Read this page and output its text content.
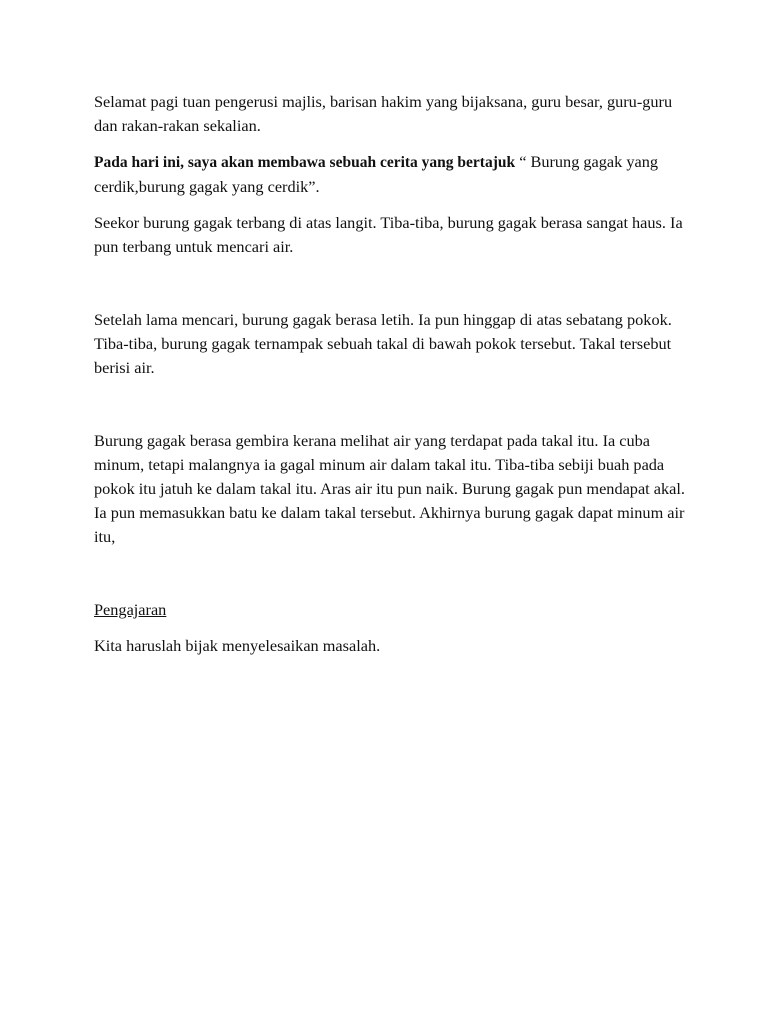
Selamat pagi tuan pengerusi majlis, barisan hakim yang bijaksana, guru besar, guru-guru dan rakan-rakan sekalian.

Pada hari ini, saya akan membawa sebuah cerita yang bertajuk “ Burung gagak yang cerdik,burung gagak yang cerdik”.

Seekor burung gagak terbang di atas langit. Tiba-tiba, burung gagak berasa sangat haus. Ia pun terbang untuk mencari air.

Setelah lama mencari, burung gagak berasa letih. Ia pun hinggap di atas sebatang pokok. Tiba-tiba, burung gagak ternampak sebuah takal di bawah pokok tersebut. Takal tersebut berisi air.

Burung gagak berasa gembira kerana melihat air yang terdapat pada takal itu. Ia cuba minum, tetapi malangnya ia gagal minum air dalam takal itu. Tiba-tiba sebiji buah pada pokok itu jatuh ke dalam takal itu. Aras air itu pun naik. Burung gagak pun mendapat akal. Ia pun memasukkan batu ke dalam takal tersebut. Akhirnya burung gagak dapat minum air itu,

Pengajaran

Kita haruslah bijak menyelesaikan masalah.
